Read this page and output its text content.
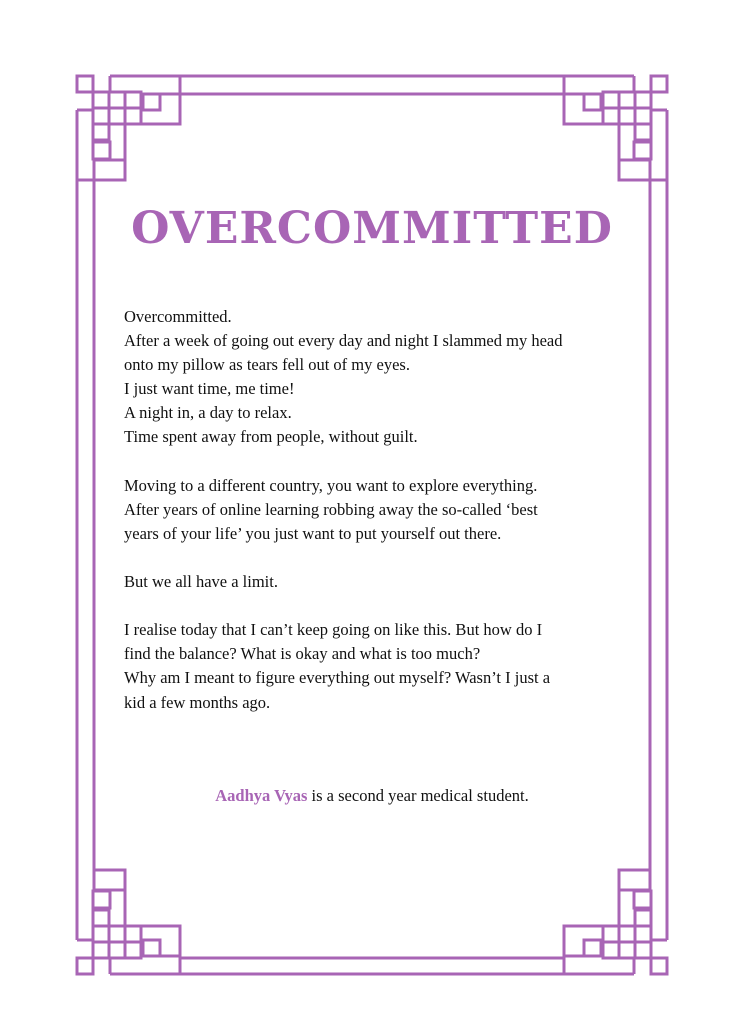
OVERCOMMITTED

Overcommitted.
After a week of going out every day and night I slammed my head
onto my pillow as tears fell out of my eyes.
I just want time, me time!
A night in, a day to relax.
Time spent away from people, without guilt.

Moving to a different country, you want to explore everything.
After years of online learning robbing away the so-called ‘best
years of your life’ you just want to put yourself out there.

But we all have a limit.

I realise today that I can’t keep going on like this. But how do I
find the balance? What is okay and what is too much?
Why am I meant to figure everything out myself? Wasn’t I just a
kid a few months ago.

Aadhya Vyas is a second year medical student.
